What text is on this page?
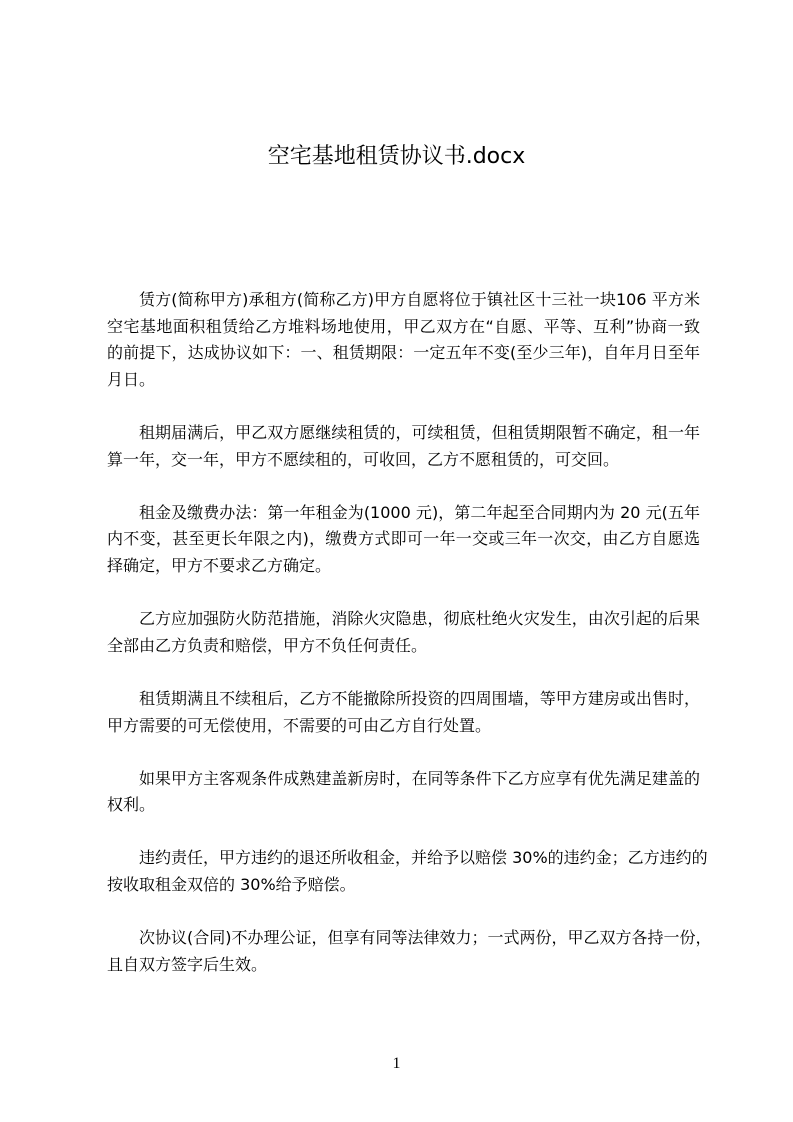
空宅基地租赁协议书.docx

赁方(简称甲方)承租方(简称乙方)甲方自愿将位于镇社区十三社一块106 平方米
空宅基地面积租赁给乙方堆料场地使用，甲乙双方在“自愿、平等、互利”协商一致
的前提下，达成协议如下：一、租赁期限：一定五年不变(至少三年)，自年月日至年
月日。

租期届满后，甲乙双方愿继续租赁的，可续租赁，但租赁期限暂不确定，租一年
算一年，交一年，甲方不愿续租的，可收回，乙方不愿租赁的，可交回。

租金及缴费办法：第一年租金为(1000 元)，第二年起至合同期内为 20 元(五年
内不变，甚至更长年限之内)，缴费方式即可一年一交或三年一次交，由乙方自愿选
择确定，甲方不要求乙方确定。

乙方应加强防火防范措施，消除火灾隐患，彻底杜绝火灾发生，由次引起的后果
全部由乙方负责和赔偿，甲方不负任何责任。

租赁期满且不续租后，乙方不能撤除所投资的四周围墙，等甲方建房或出售时，
甲方需要的可无偿使用，不需要的可由乙方自行处置。

如果甲方主客观条件成熟建盖新房时，在同等条件下乙方应享有优先满足建盖的
权利。

违约责任，甲方违约的退还所收租金，并给予以赔偿 30%的违约金；乙方违约的
按收取租金双倍的 30%给予赔偿。

次协议(合同)不办理公证，但享有同等法律效力；一式两份，甲乙双方各持一份，
且自双方签字后生效。

1
